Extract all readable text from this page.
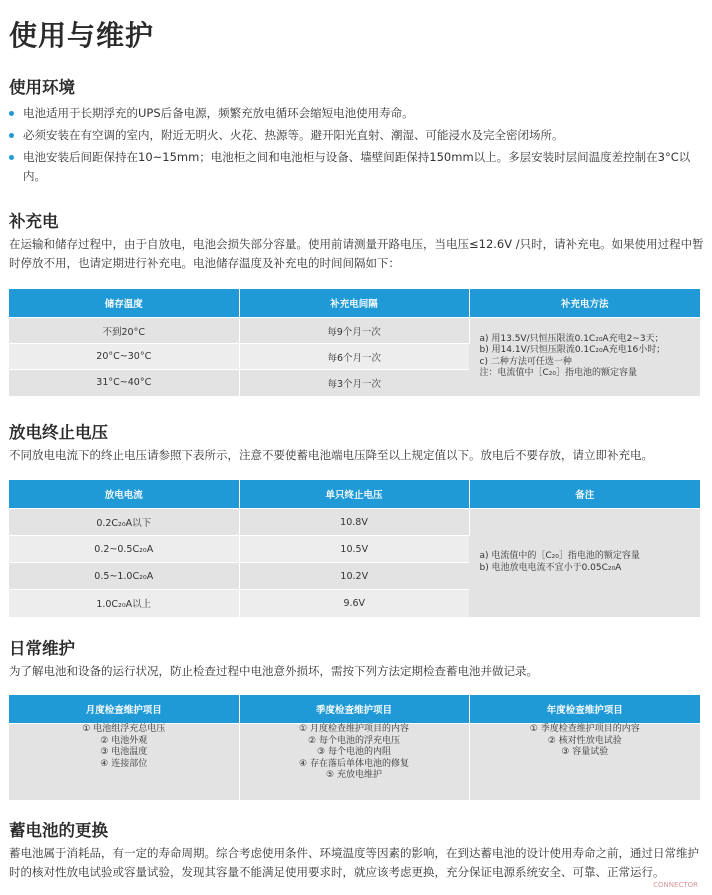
使用与维护
使用环境
电池适用于长期浮充的UPS后备电源，频繁充放电循环会缩短电池使用寿命。
必须安装在有空调的室内，附近无明火、火花、热源等。避开阳光直射、潮湿、可能浸水及完全密闭场所。
电池安装后间距保持在10~15mm；电池柜之间和电池柜与设备、墙壁间距保持150mm以上。多层安装时层间温度差控制在3°C以内。
补充电

在运输和储存过程中，由于自放电，电池会损失部分容量。使用前请测量开路电压，当电压≤12.6V /只时，请补充电。如果使用过程中暂时停放不用，也请定期进行补充电。电池储存温度及补充电的时间间隔如下：

储存温度	补充电间隔	补充电方法
不到20°C	每9个月一次	a) 用13.5V/只恒压限流0.1C₂₀A充电2~3天；
b) 用14.1V/只恒压限流0.1C₂₀A充电16小时；
c) 二种方法可任选一种
注：电流值中［C₂₀］指电池的额定容量

20°C~30°C	每6个月一次	
31°C~40°C	每3个月一次	
放电终止电压

不同放电电流下的终止电压请参照下表所示，注意不要使蓄电池端电压降至以上规定值以下。放电后不要存放，请立即补充电。

放电电流	单只终止电压	备注
0.2C₂₀A以下	10.8V	a) 电流值中的［C₂₀］指电池的额定容量
b) 电池放电电流不宜小于0.05C₂₀A

0.2~0.5C₂₀A	10.5V	
0.5~1.0C₂₀A	10.2V	
1.0C₂₀A以上	9.6V	
日常维护

为了解电池和设备的运行状况，防止检查过程中电池意外损坏，需按下列方法定期检查蓄电池并做记录。

月度检查维护项目	季度检查维护项目	年度检查维护项目

① 电池组浮充总电压
② 电池外观
③ 电池温度
④ 连接部位	① 月度检查维护项目的内容
② 每个电池的浮充电压
③ 每个电池的内阻
④ 存在落后单体电池的修复
⑤ 充放电维护	① 季度检查维护项目的内容
② 核对性放电试验
③ 容量试验
蓄电池的更换

蓄电池属于消耗品，有一定的寿命周期。综合考虑使用条件、环境温度等因素的影响，在到达蓄电池的设计使用寿命之前，通过日常维护时的核对性放电试验或容量试验，发现其容量不能满足使用要求时，就应该考虑更换，充分保证电源系统安全、可靠、正常运行。

CONNECTOR
